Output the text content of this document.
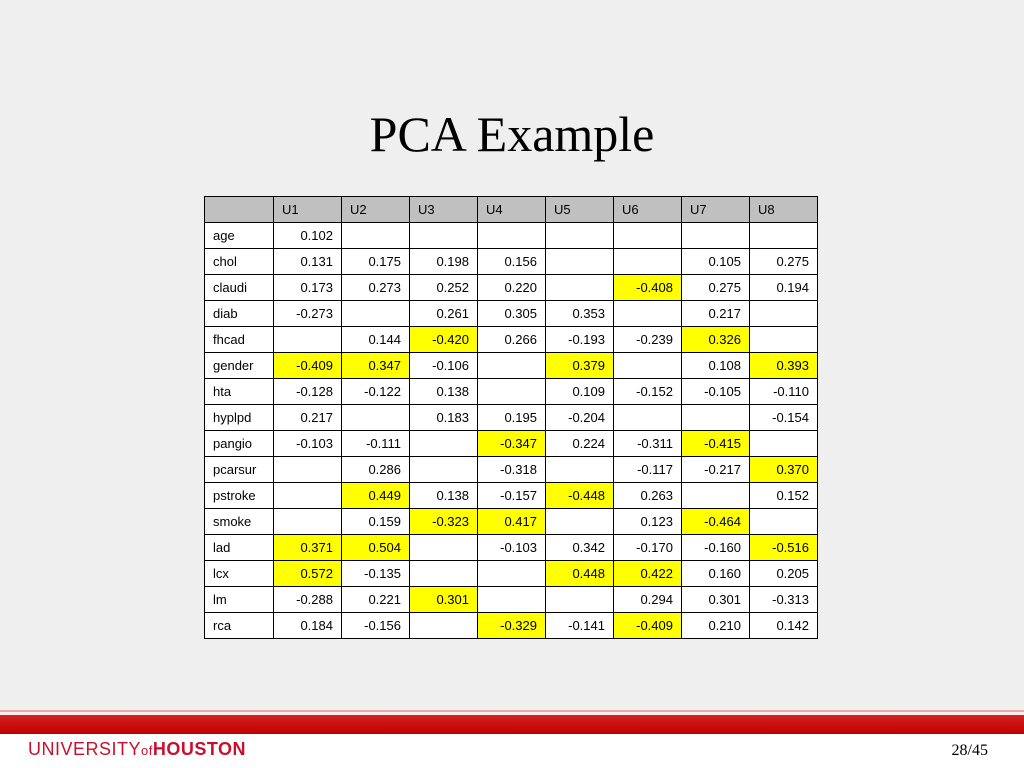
PCA Example
	U1	U2	U3	U4	U5	U6	U7	U8
age	0.102							
chol	0.131	0.175	0.198	0.156			0.105	0.275
claudi	0.173	0.273	0.252	0.220		-0.408	0.275	0.194
diab	-0.273		0.261	0.305	0.353		0.217	
fhcad		0.144	-0.420	0.266	-0.193	-0.239	0.326	
gender	-0.409	0.347	-0.106		0.379		0.108	0.393
hta	-0.128	-0.122	0.138		0.109	-0.152	-0.105	-0.110
hyplpd	0.217		0.183	0.195	-0.204			-0.154
pangio	-0.103	-0.111		-0.347	0.224	-0.311	-0.415	
pcarsur		0.286		-0.318		-0.117	-0.217	0.370
pstroke		0.449	0.138	-0.157	-0.448	0.263		0.152
smoke		0.159	-0.323	0.417		0.123	-0.464	
lad	0.371	0.504		-0.103	0.342	-0.170	-0.160	-0.516
lcx	0.572	-0.135			0.448	0.422	0.160	0.205
lm	-0.288	0.221	0.301			0.294	0.301	-0.313
rca	0.184	-0.156		-0.329	-0.141	-0.409	0.210	0.142
UNIVERSITYofHOUSTON	28/45
